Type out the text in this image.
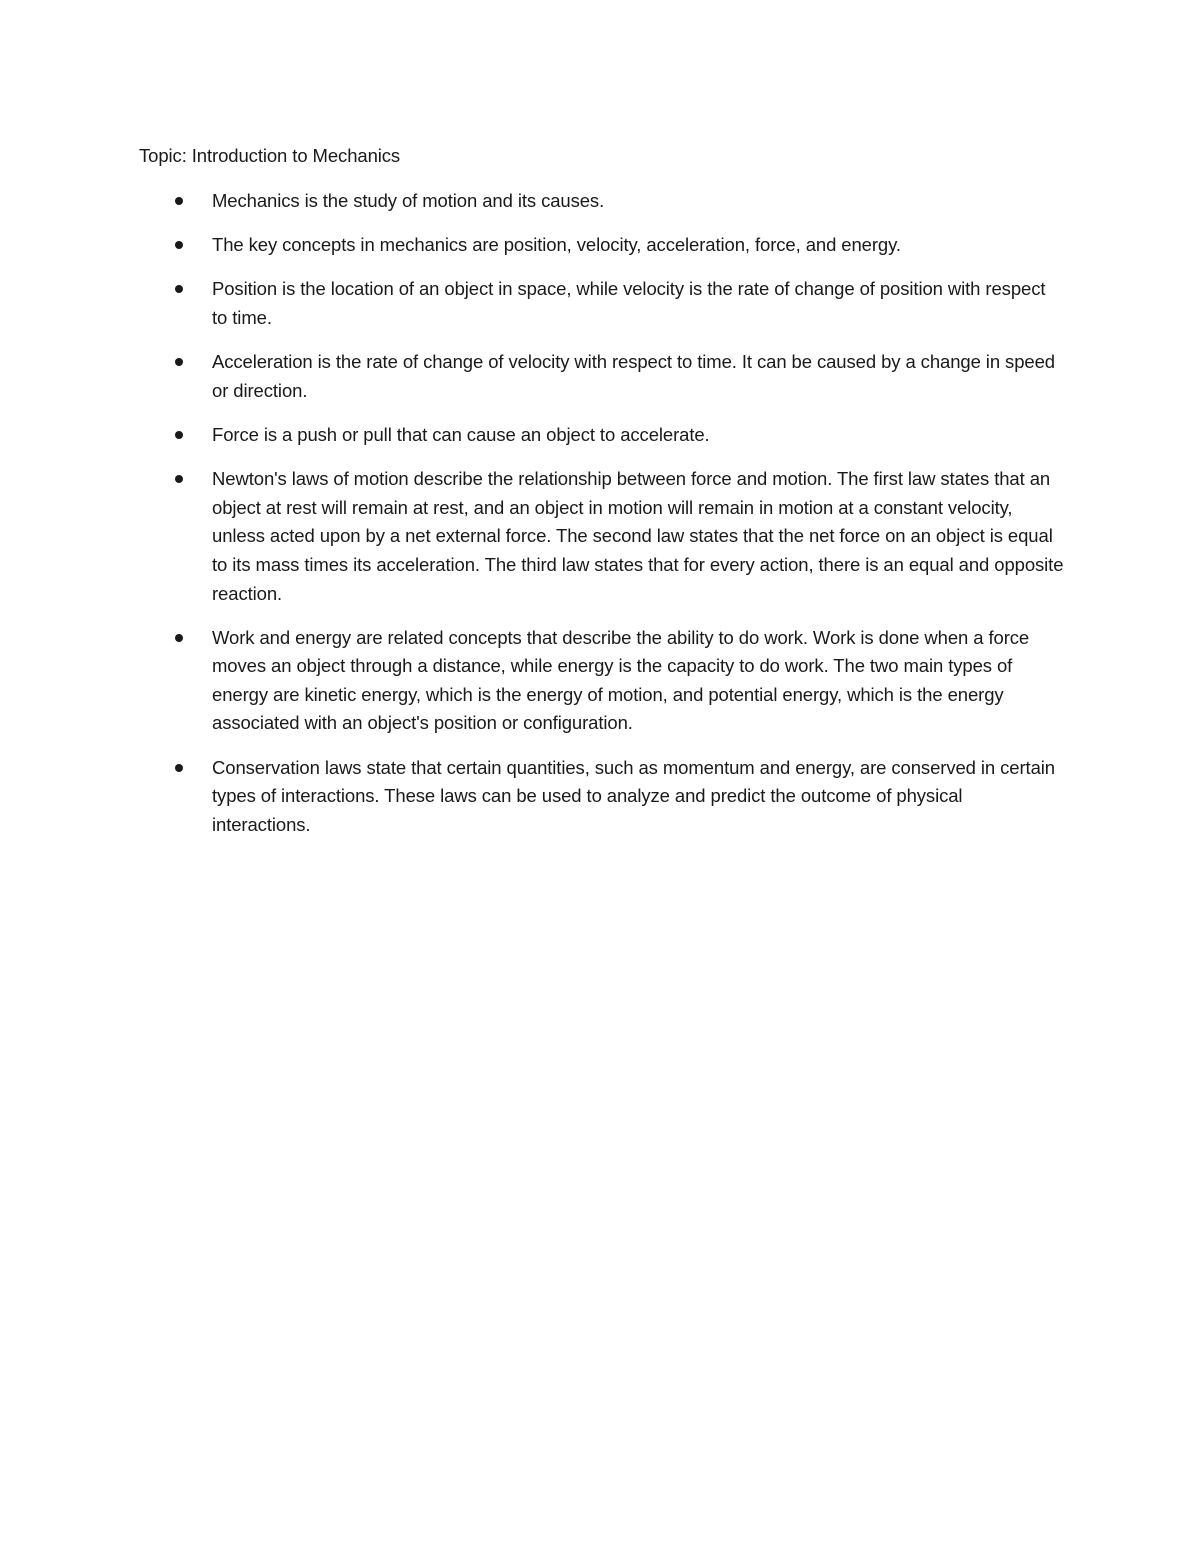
Topic: Introduction to Mechanics
Mechanics is the study of motion and its causes.
The key concepts in mechanics are position, velocity, acceleration, force, and energy.
Position is the location of an object in space, while velocity is the rate of change of position with respect to time.
Acceleration is the rate of change of velocity with respect to time. It can be caused by a change in speed or direction.
Force is a push or pull that can cause an object to accelerate.
Newton's laws of motion describe the relationship between force and motion. The first law states that an object at rest will remain at rest, and an object in motion will remain in motion at a constant velocity, unless acted upon by a net external force. The second law states that the net force on an object is equal to its mass times its acceleration. The third law states that for every action, there is an equal and opposite reaction.
Work and energy are related concepts that describe the ability to do work. Work is done when a force moves an object through a distance, while energy is the capacity to do work. The two main types of energy are kinetic energy, which is the energy of motion, and potential energy, which is the energy associated with an object's position or configuration.
Conservation laws state that certain quantities, such as momentum and energy, are conserved in certain types of interactions. These laws can be used to analyze and predict the outcome of physical interactions.
